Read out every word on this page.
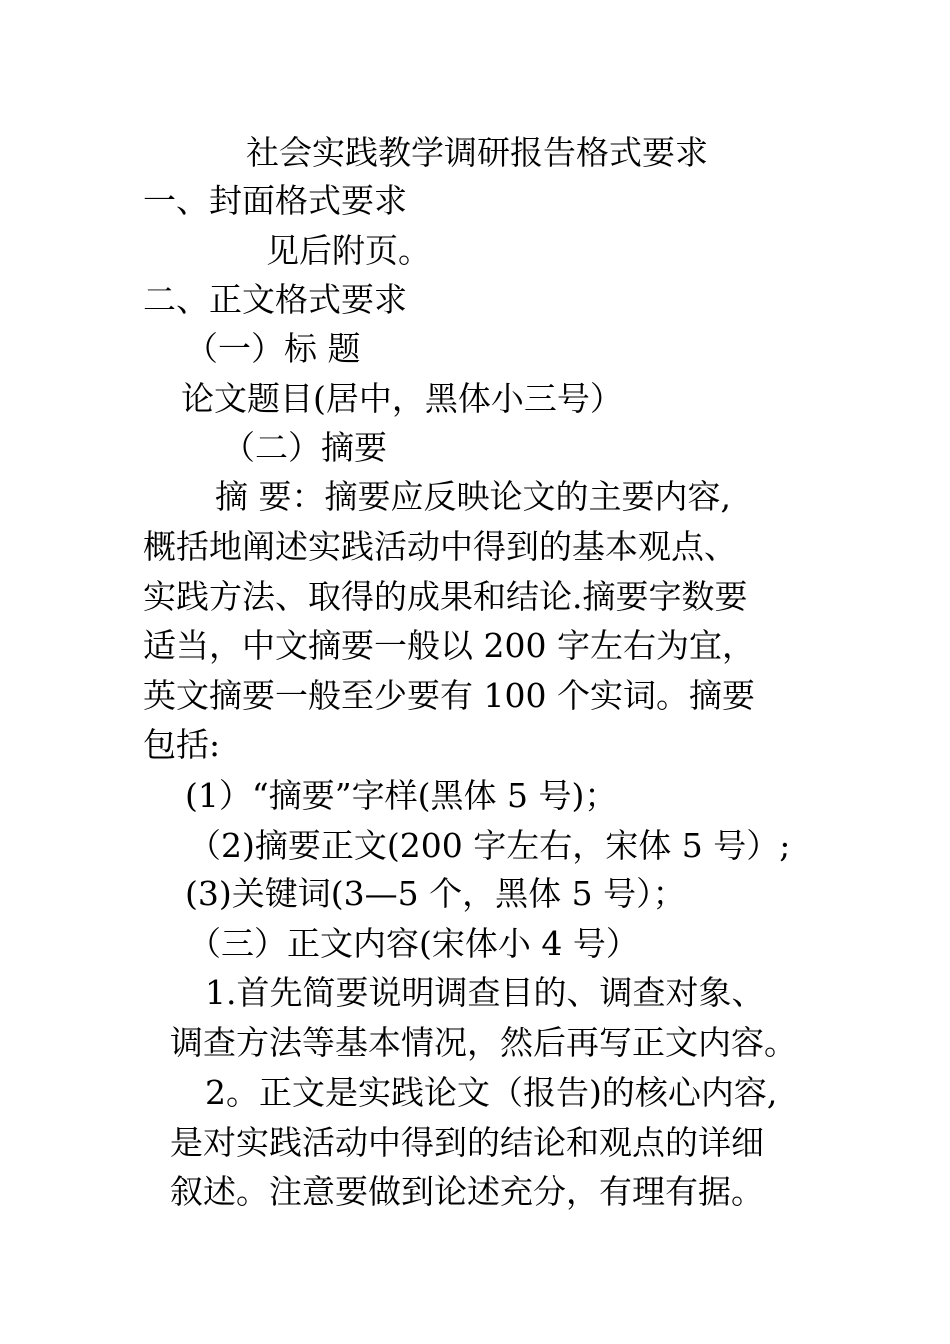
社会实践教学调研报告格式要求

一、封面格式要求

见后附页。

二、正文格式要求

（一）标 题

论文题目(居中，黑体小三号）

（二）摘要

摘 要：摘要应反映论文的主要内容,

概括地阐述实践活动中得到的基本观点、

实践方法、取得的成果和结论.摘要字数要

适当，中文摘要一般以 200 字左右为宜，

英文摘要一般至少要有 100 个实词。摘要

包括:

(1）“摘要”字样(黑体 5 号)；

（2)摘要正文(200 字左右，宋体 5 号）;

(3)关键词(3—5 个，黑体 5 号）；

（三）正文内容(宋体小 4 号）

1.首先简要说明调查目的、调查对象、

调查方法等基本情况，然后再写正文内容。

2。正文是实践论文（报告)的核心内容,

是对实践活动中得到的结论和观点的详细

叙述。注意要做到论述充分，有理有据。
